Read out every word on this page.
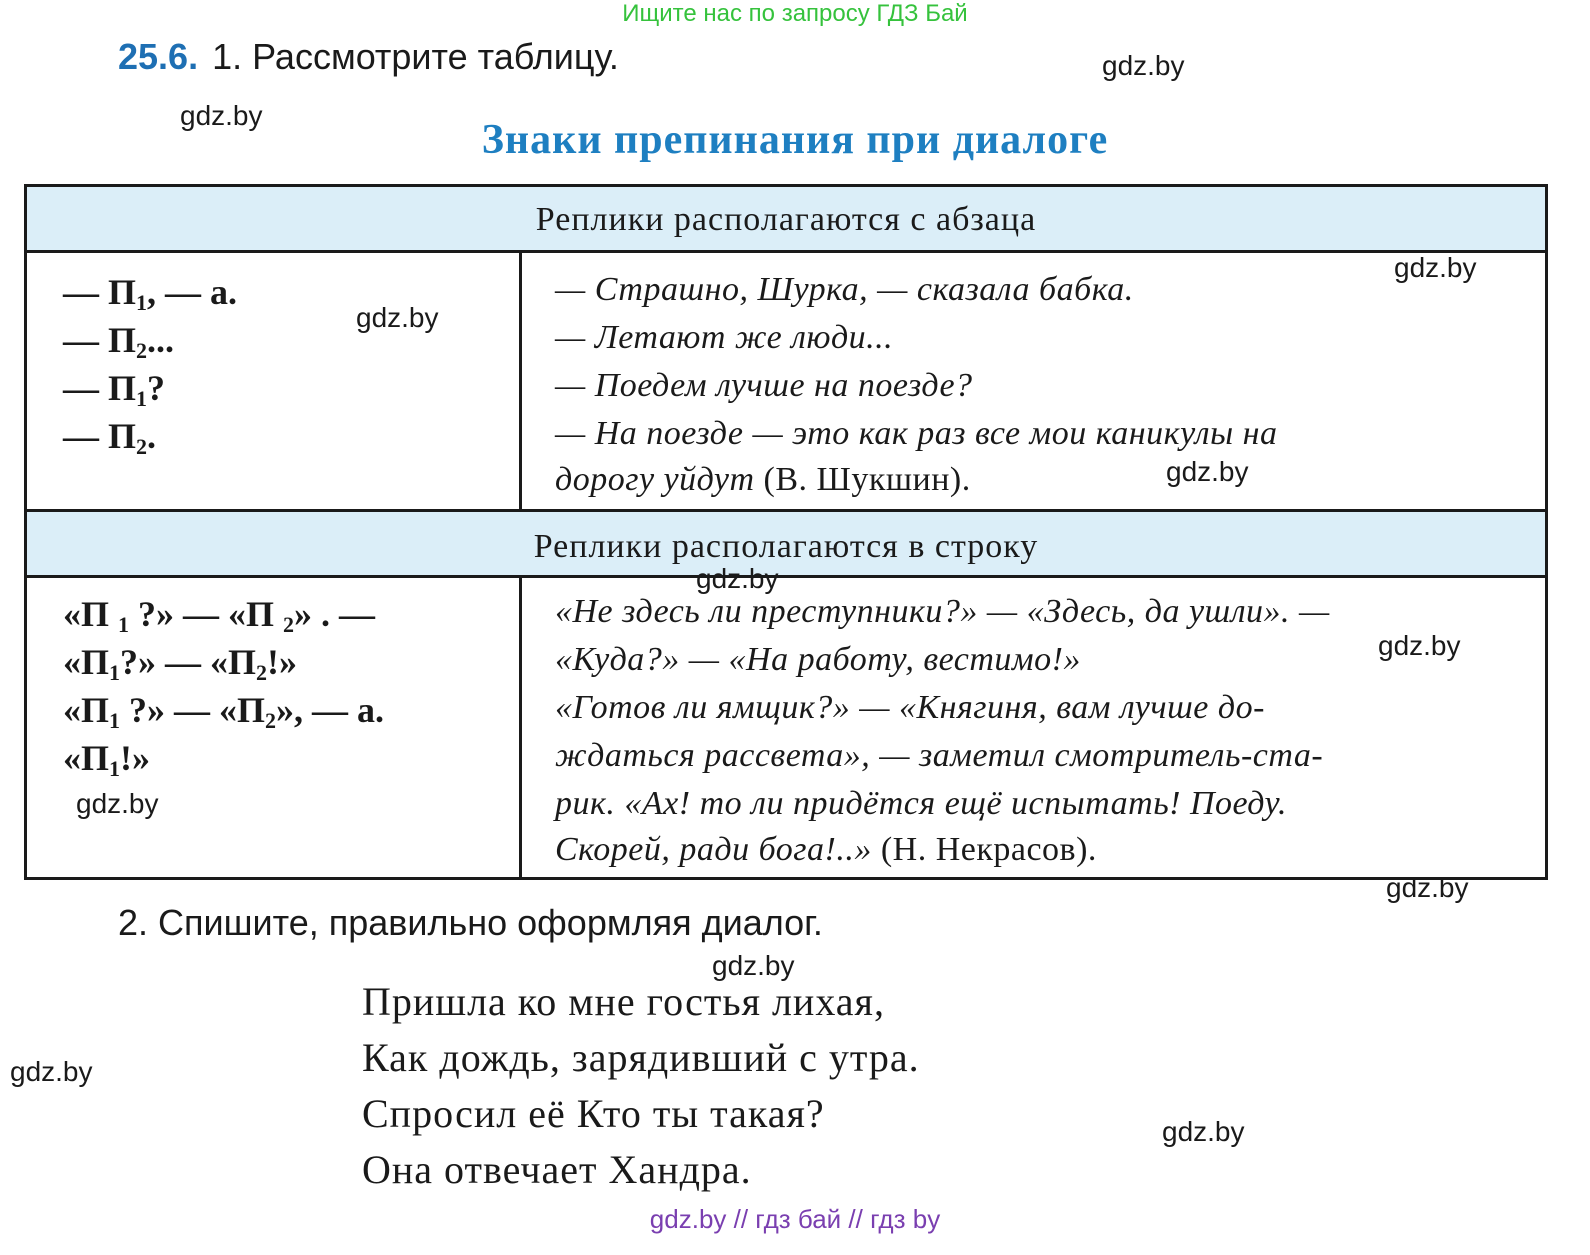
Ищите нас по запросу ГДЗ Бай
25.6. 1. Рассмотрите таблицу.
Знаки препинания при диалоге
Реплики располагаются с абзаца
— $П_1$, — а.
— $П_2$...
— $П_1$?
— $П_2$.
— Страшно, Шурка, — сказала бабка.
— Летают же люди...
— Поедем лучше на поезде?
— На поезде — это как раз все мои каникулы на
дорогу уйдут (В. Шукшин).
Реплики располагаются в строку
«П $_1$ ?» — «П $_2$» . —
«$П_1$?» — «$П_2$!»
«$П_1$ ?» — «$П_2$», — а.
«$П_1$!»
«Не здесь ли преступники?» — «Здесь, да ушли». —
«Куда?» — «На работу, вестимо!»
«Готов ли ямщик?» — «Княгиня, вам лучше до-
ждаться рассвета», — заметил смотритель-ста-
рик. «Ах! то ли придётся ещё испытать! Поеду.
Скорей, ради бога!..» (Н. Некрасов).
2. Спишите, правильно оформляя диалог.
Пришла ко мне гостья лихая,
Как дождь, зарядивший с утра.
Спросил её Кто ты такая?
Она отвечает Хандра.
gdz.by
gdz.by
gdz.by
gdz.by
gdz.by
gdz.by
gdz.by
gdz.by
gdz.by
gdz.by
gdz.by
gdz.by
gdz.by // гдз бай // гдз by
